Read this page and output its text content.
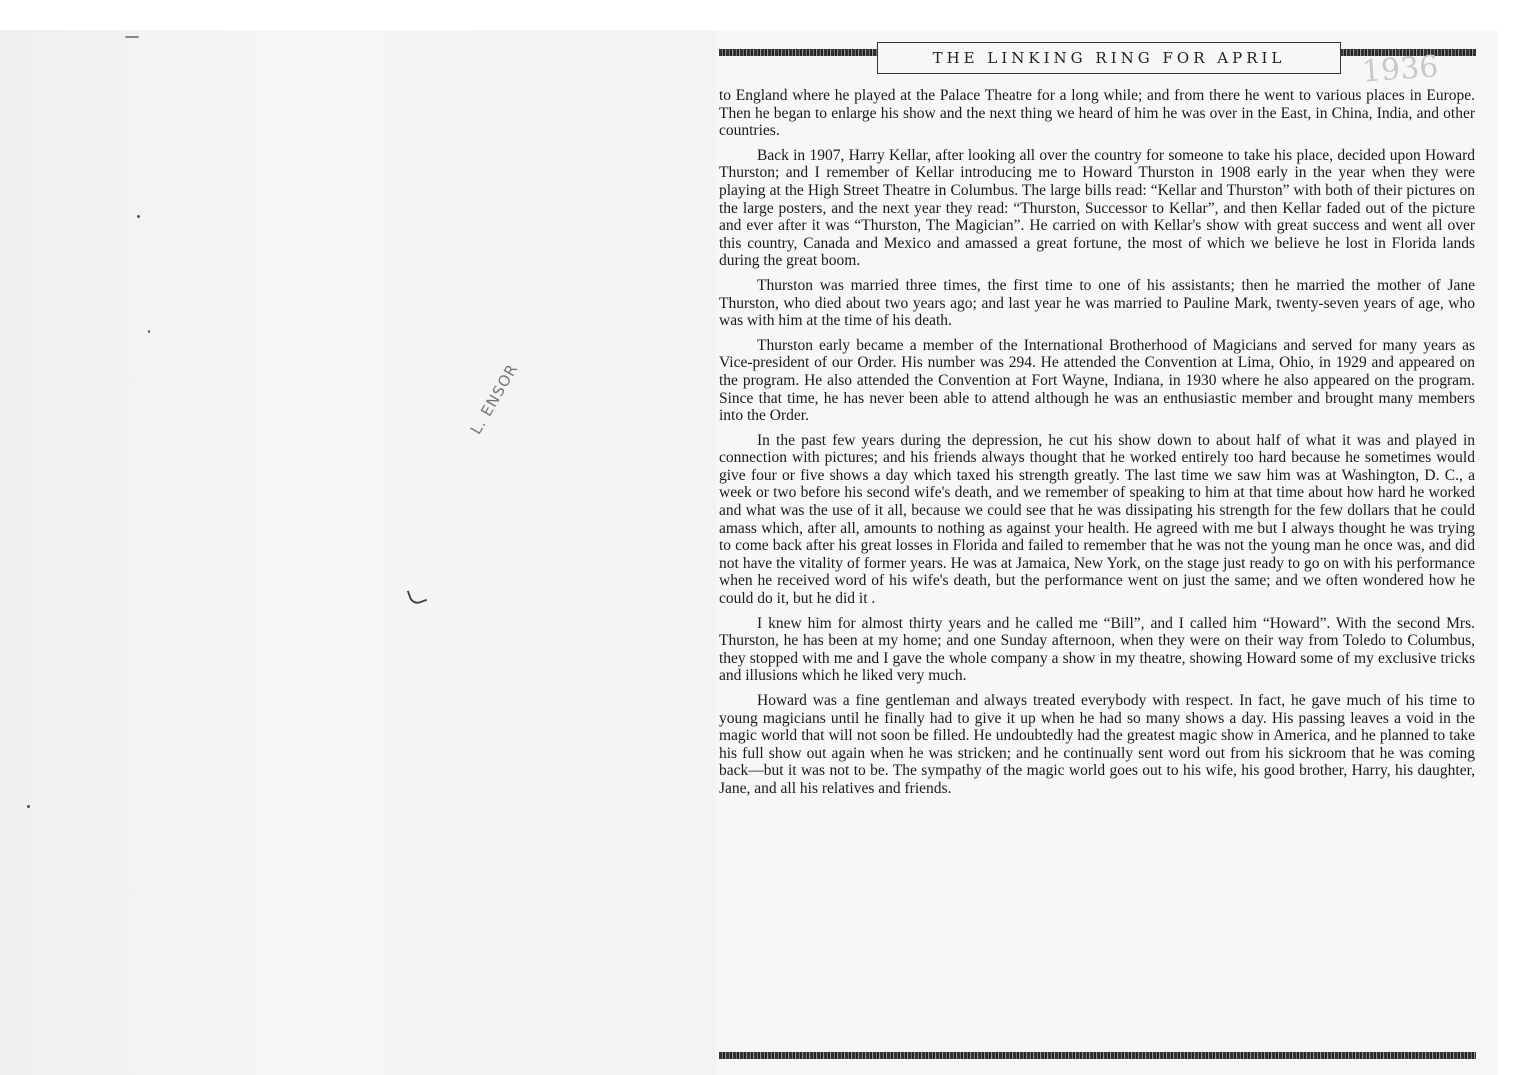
L. ENSOR
THE LINKING RING FOR APRIL	1936

to England where he played at the Palace Theatre for a long while; and from there he went to various places in Europe. Then he began to enlarge his show and the next thing we heard of him he was over in the East, in China, India, and other countries.

Back in 1907, Harry Kellar, after looking all over the country for someone to take his place, decided upon Howard Thurston; and I remember of Kellar introducing me to Howard Thurston in 1908 early in the year when they were playing at the High Street Theatre in Columbus. The large bills read: “Kellar and Thurston” with both of their pictures on the large posters, and the next year they read: “Thurston, Successor to Kellar”, and then Kellar faded out of the picture and ever after it was “Thurston, The Magician”. He carried on with Kellar's show with great success and went all over this country, Canada and Mexico and amassed a great fortune, the most of which we believe he lost in Florida lands during the great boom.

Thurston was married three times, the first time to one of his assistants; then he married the mother of Jane Thurston, who died about two years ago; and last year he was married to Pauline Mark, twenty-seven years of age, who was with him at the time of his death.

Thurston early became a member of the International Brotherhood of Magicians and served for many years as Vice-president of our Order. His number was 294. He attended the Convention at Lima, Ohio, in 1929 and appeared on the program. He also attended the Convention at Fort Wayne, Indiana, in 1930 where he also appeared on the program. Since that time, he has never been able to attend although he was an enthusiastic member and brought many members into the Order.

In the past few years during the depression, he cut his show down to about half of what it was and played in connection with pictures; and his friends always thought that he worked entirely too hard because he sometimes would give four or five shows a day which taxed his strength greatly. The last time we saw him was at Washington, D. C., a week or two before his second wife's death, and we remember of speaking to him at that time about how hard he worked and what was the use of it all, because we could see that he was dissipating his strength for the few dollars that he could amass which, after all, amounts to nothing as against your health. He agreed with me but I always thought he was trying to come back after his great losses in Florida and failed to remember that he was not the young man he once was, and did not have the vitality of former years. He was at Jamaica, New York, on the stage just ready to go on with his performance when he received word of his wife's death, but the performance went on just the same; and we often wondered how he could do it, but he did it .

I knew him for almost thirty years and he called me “Bill”, and I called him “Howard”. With the second Mrs. Thurston, he has been at my home; and one Sunday afternoon, when they were on their way from Toledo to Columbus, they stopped with me and I gave the whole company a show in my theatre, showing Howard some of my exclusive tricks and illusions which he liked very much.

Howard was a fine gentleman and always treated everybody with respect. In fact, he gave much of his time to young magicians until he finally had to give it up when he had so many shows a day. His passing leaves a void in the magic world that will not soon be filled. He undoubtedly had the greatest magic show in America, and he planned to take his full show out again when he was stricken; and he continually sent word out from his sickroom that he was coming back—but it was not to be. The sympathy of the magic world goes out to his wife, his good brother, Harry, his daughter, Jane, and all his relatives and friends.
